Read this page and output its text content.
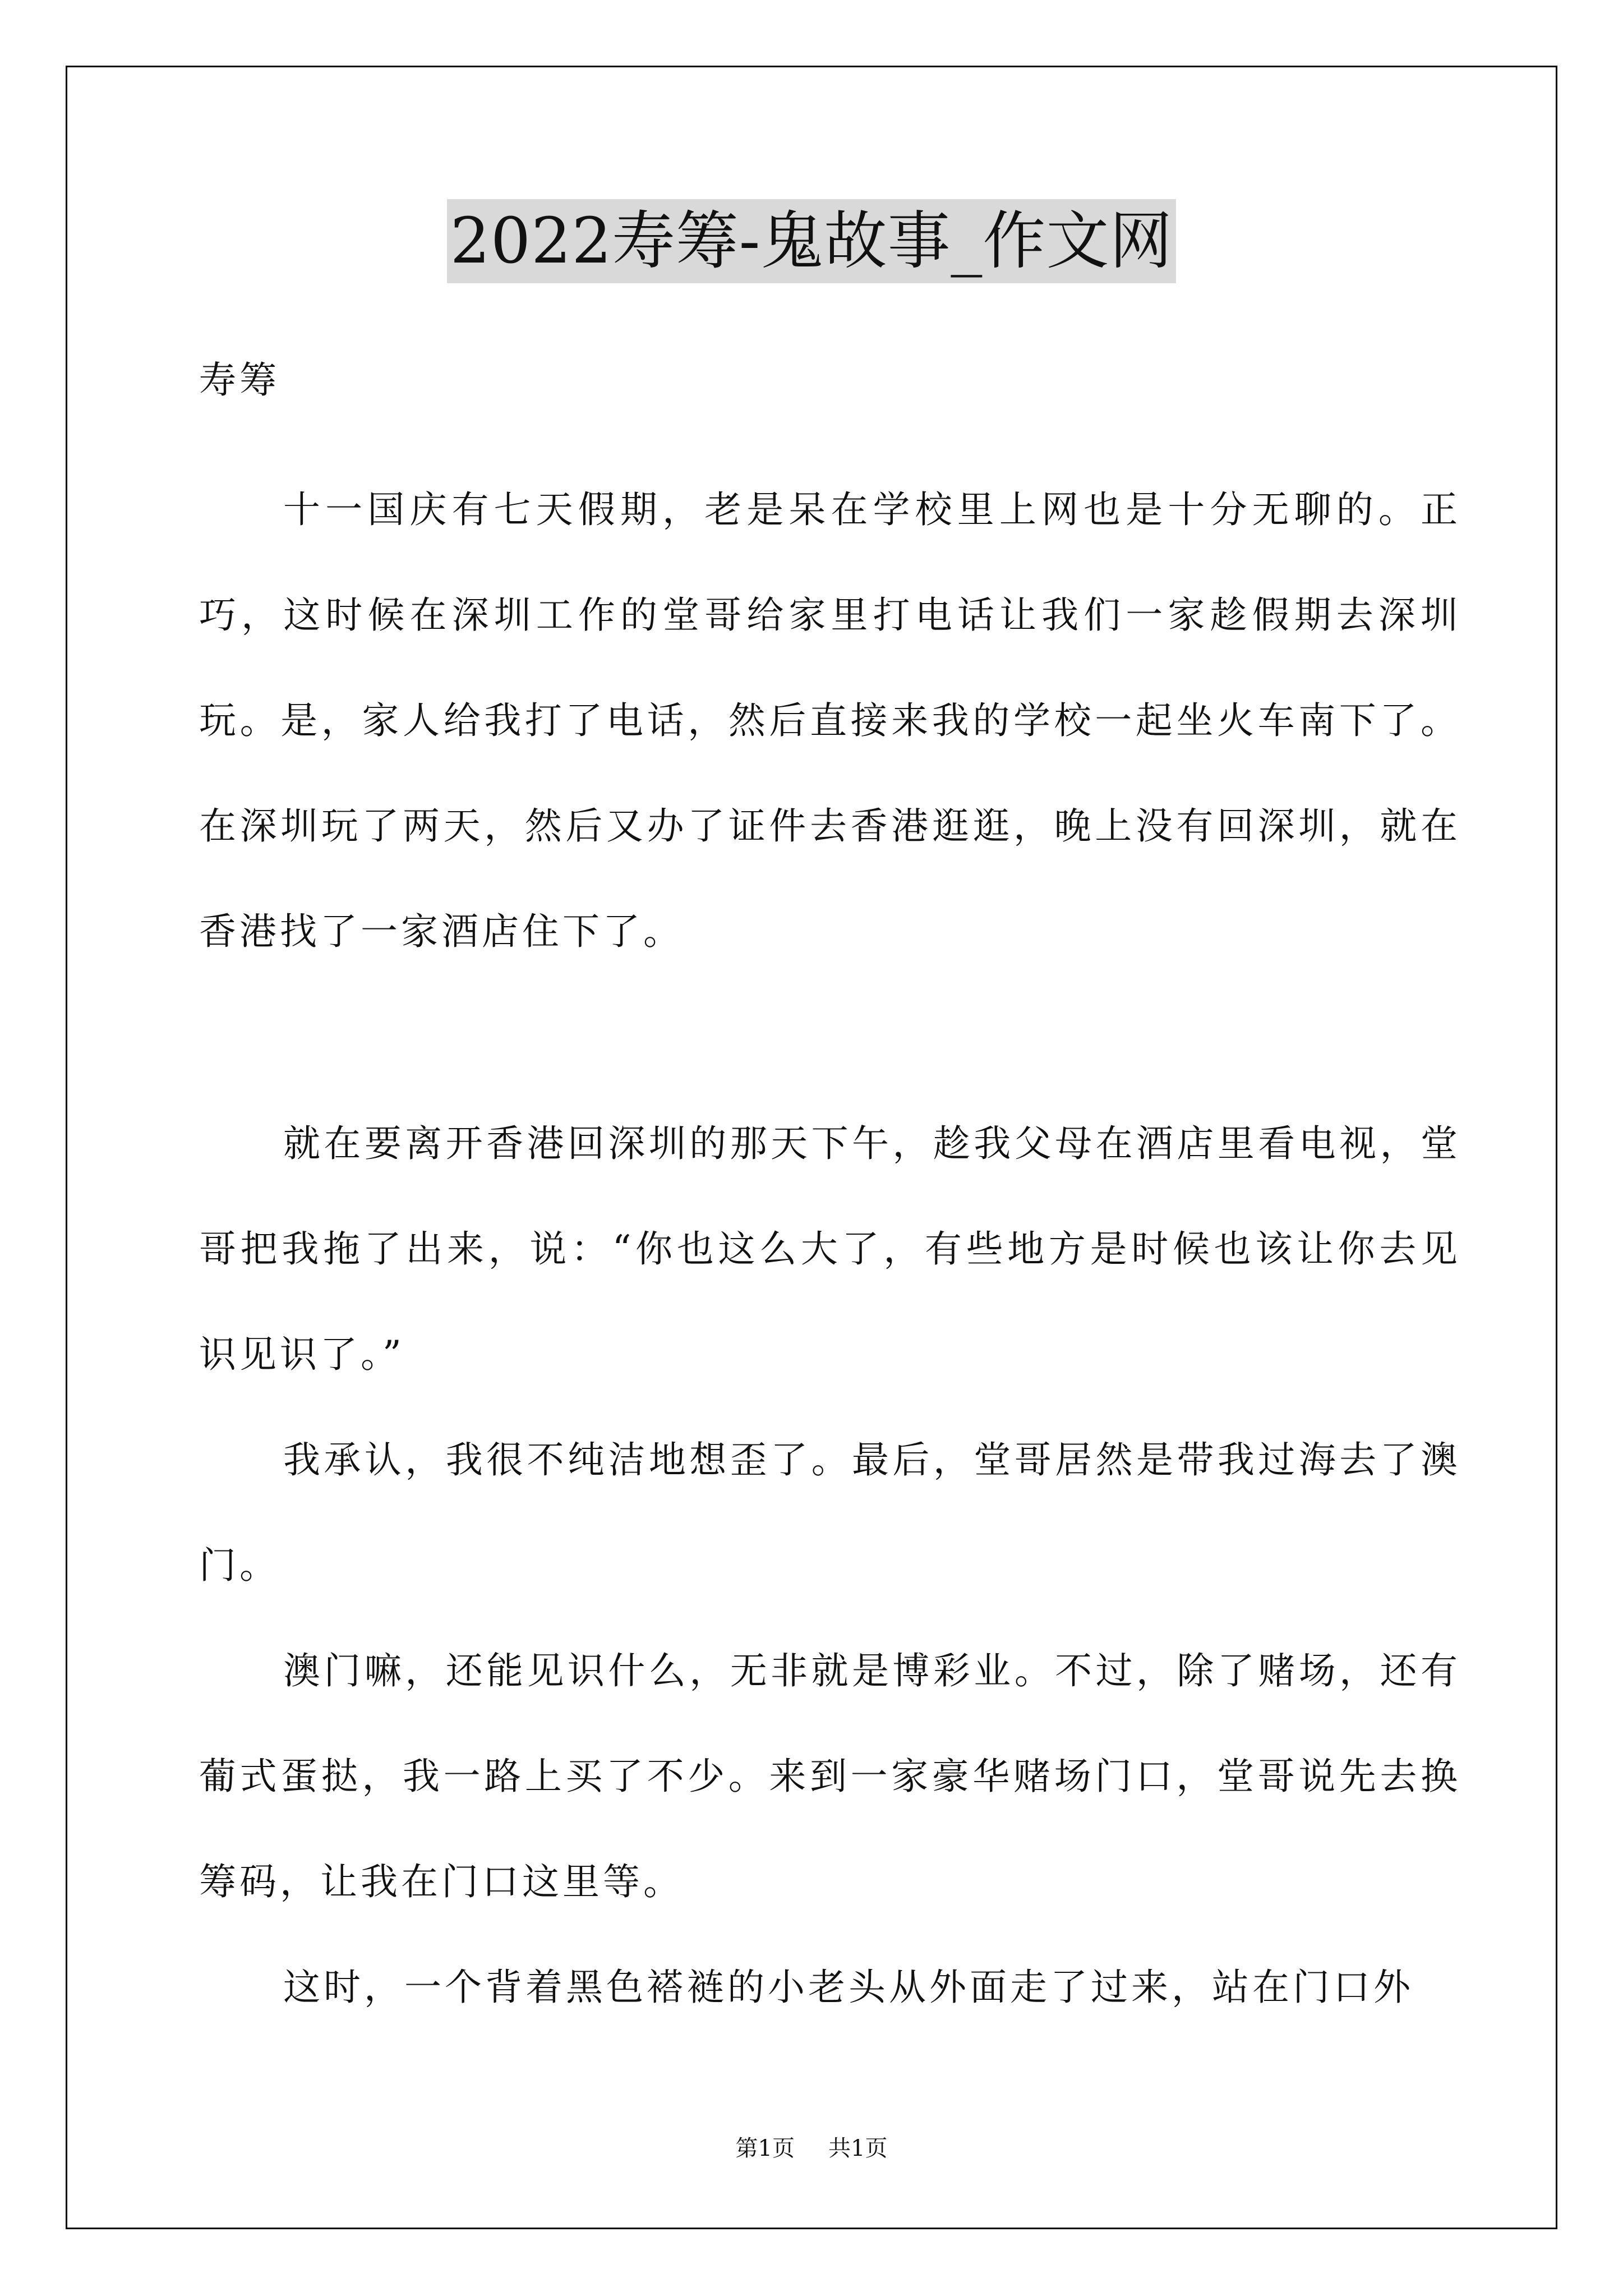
2022寿筹-鬼故事_作文网
寿筹

十一国庆有七天假期，老是呆在学校里上网也是十分无聊的。正巧，这时候在深圳工作的堂哥给家里打电话让我们一家趁假期去深圳玩。是，家人给我打了电话，然后直接来我的学校一起坐火车南下了。在深圳玩了两天，然后又办了证件去香港逛逛，晚上没有回深圳，就在香港找了一家酒店住下了。

就在要离开香港回深圳的那天下午，趁我父母在酒店里看电视，堂哥把我拖了出来，说：“你也这么大了，有些地方是时候也该让你去见识见识了。”

我承认，我很不纯洁地想歪了。最后，堂哥居然是带我过海去了澳门。

澳门嘛，还能见识什么，无非就是博彩业。不过，除了赌场，还有葡式蛋挞，我一路上买了不少。来到一家豪华赌场门口，堂哥说先去换筹码，让我在门口这里等。

这时，一个背着黑色褡裢的小老头从外面走了过来，站在门口外

第1页 共1页
